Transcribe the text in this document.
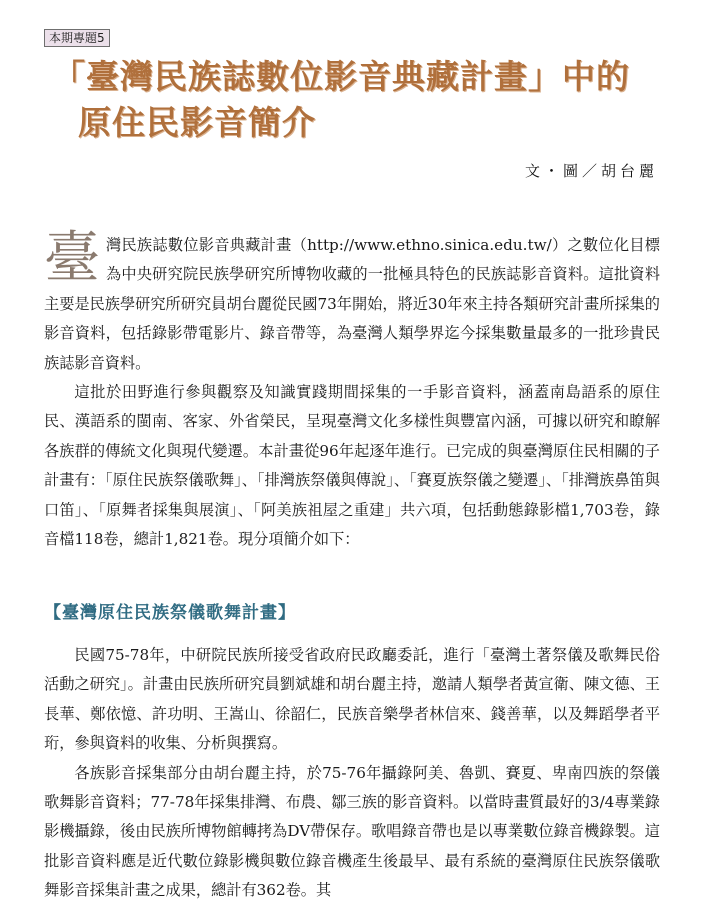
本期專題5
「臺灣民族誌數位影音典藏計畫」中的
原住民影音簡介
文・圖／胡台麗

臺灣民族誌數位影音典藏計畫（http://www.ethno.sinica.edu.tw/）之數位化目標為中央研究院民族學研究所博物收藏的一批極具特色的民族誌影音資料。這批資料主要是民族學研究所研究員胡台麗從民國73年開始，將近30年來主持各類研究計畫所採集的影音資料，包括錄影帶電影片、錄音帶等，為臺灣人類學界迄今採集數量最多的一批珍貴民族誌影音資料。

這批於田野進行參與觀察及知識實踐期間採集的一手影音資料，涵蓋南島語系的原住民、漢語系的閩南、客家、外省榮民，呈現臺灣文化多樣性與豐富內涵，可據以研究和瞭解各族群的傳統文化與現代變遷。本計畫從96年起逐年進行。已完成的與臺灣原住民相關的子計畫有：「原住民族祭儀歌舞」、「排灣族祭儀與傳說」、「賽夏族祭儀之變遷」、「排灣族鼻笛與口笛」、「原舞者採集與展演」、「阿美族祖屋之重建」共六項，包括動態錄影檔1,703卷，錄音檔118卷，總計1,821卷。現分項簡介如下：

【臺灣原住民族祭儀歌舞計畫】

民國75-78年，中研院民族所接受省政府民政廳委託，進行「臺灣土著祭儀及歌舞民俗活動之研究」。計畫由民族所研究員劉斌雄和胡台麗主持，邀請人類學者黃宣衛、陳文德、王長華、鄭依憶、許功明、王嵩山、徐韶仁，民族音樂學者林信來、錢善華，以及舞蹈學者平珩，參與資料的收集、分析與撰寫。

各族影音採集部分由胡台麗主持，於75-76年攝錄阿美、魯凱、賽夏、卑南四族的祭儀歌舞影音資料；77-78年採集排灣、布農、鄒三族的影音資料。以當時畫質最好的3/4專業錄影機攝錄，後由民族所博物館轉拷為DV帶保存。歌唱錄音帶也是以專業數位錄音機錄製。這批影音資料應是近代數位錄影機與數位錄音機產生後最早、最有系統的臺灣原住民族祭儀歌舞影音採集計畫之成果，總計有362卷。其
